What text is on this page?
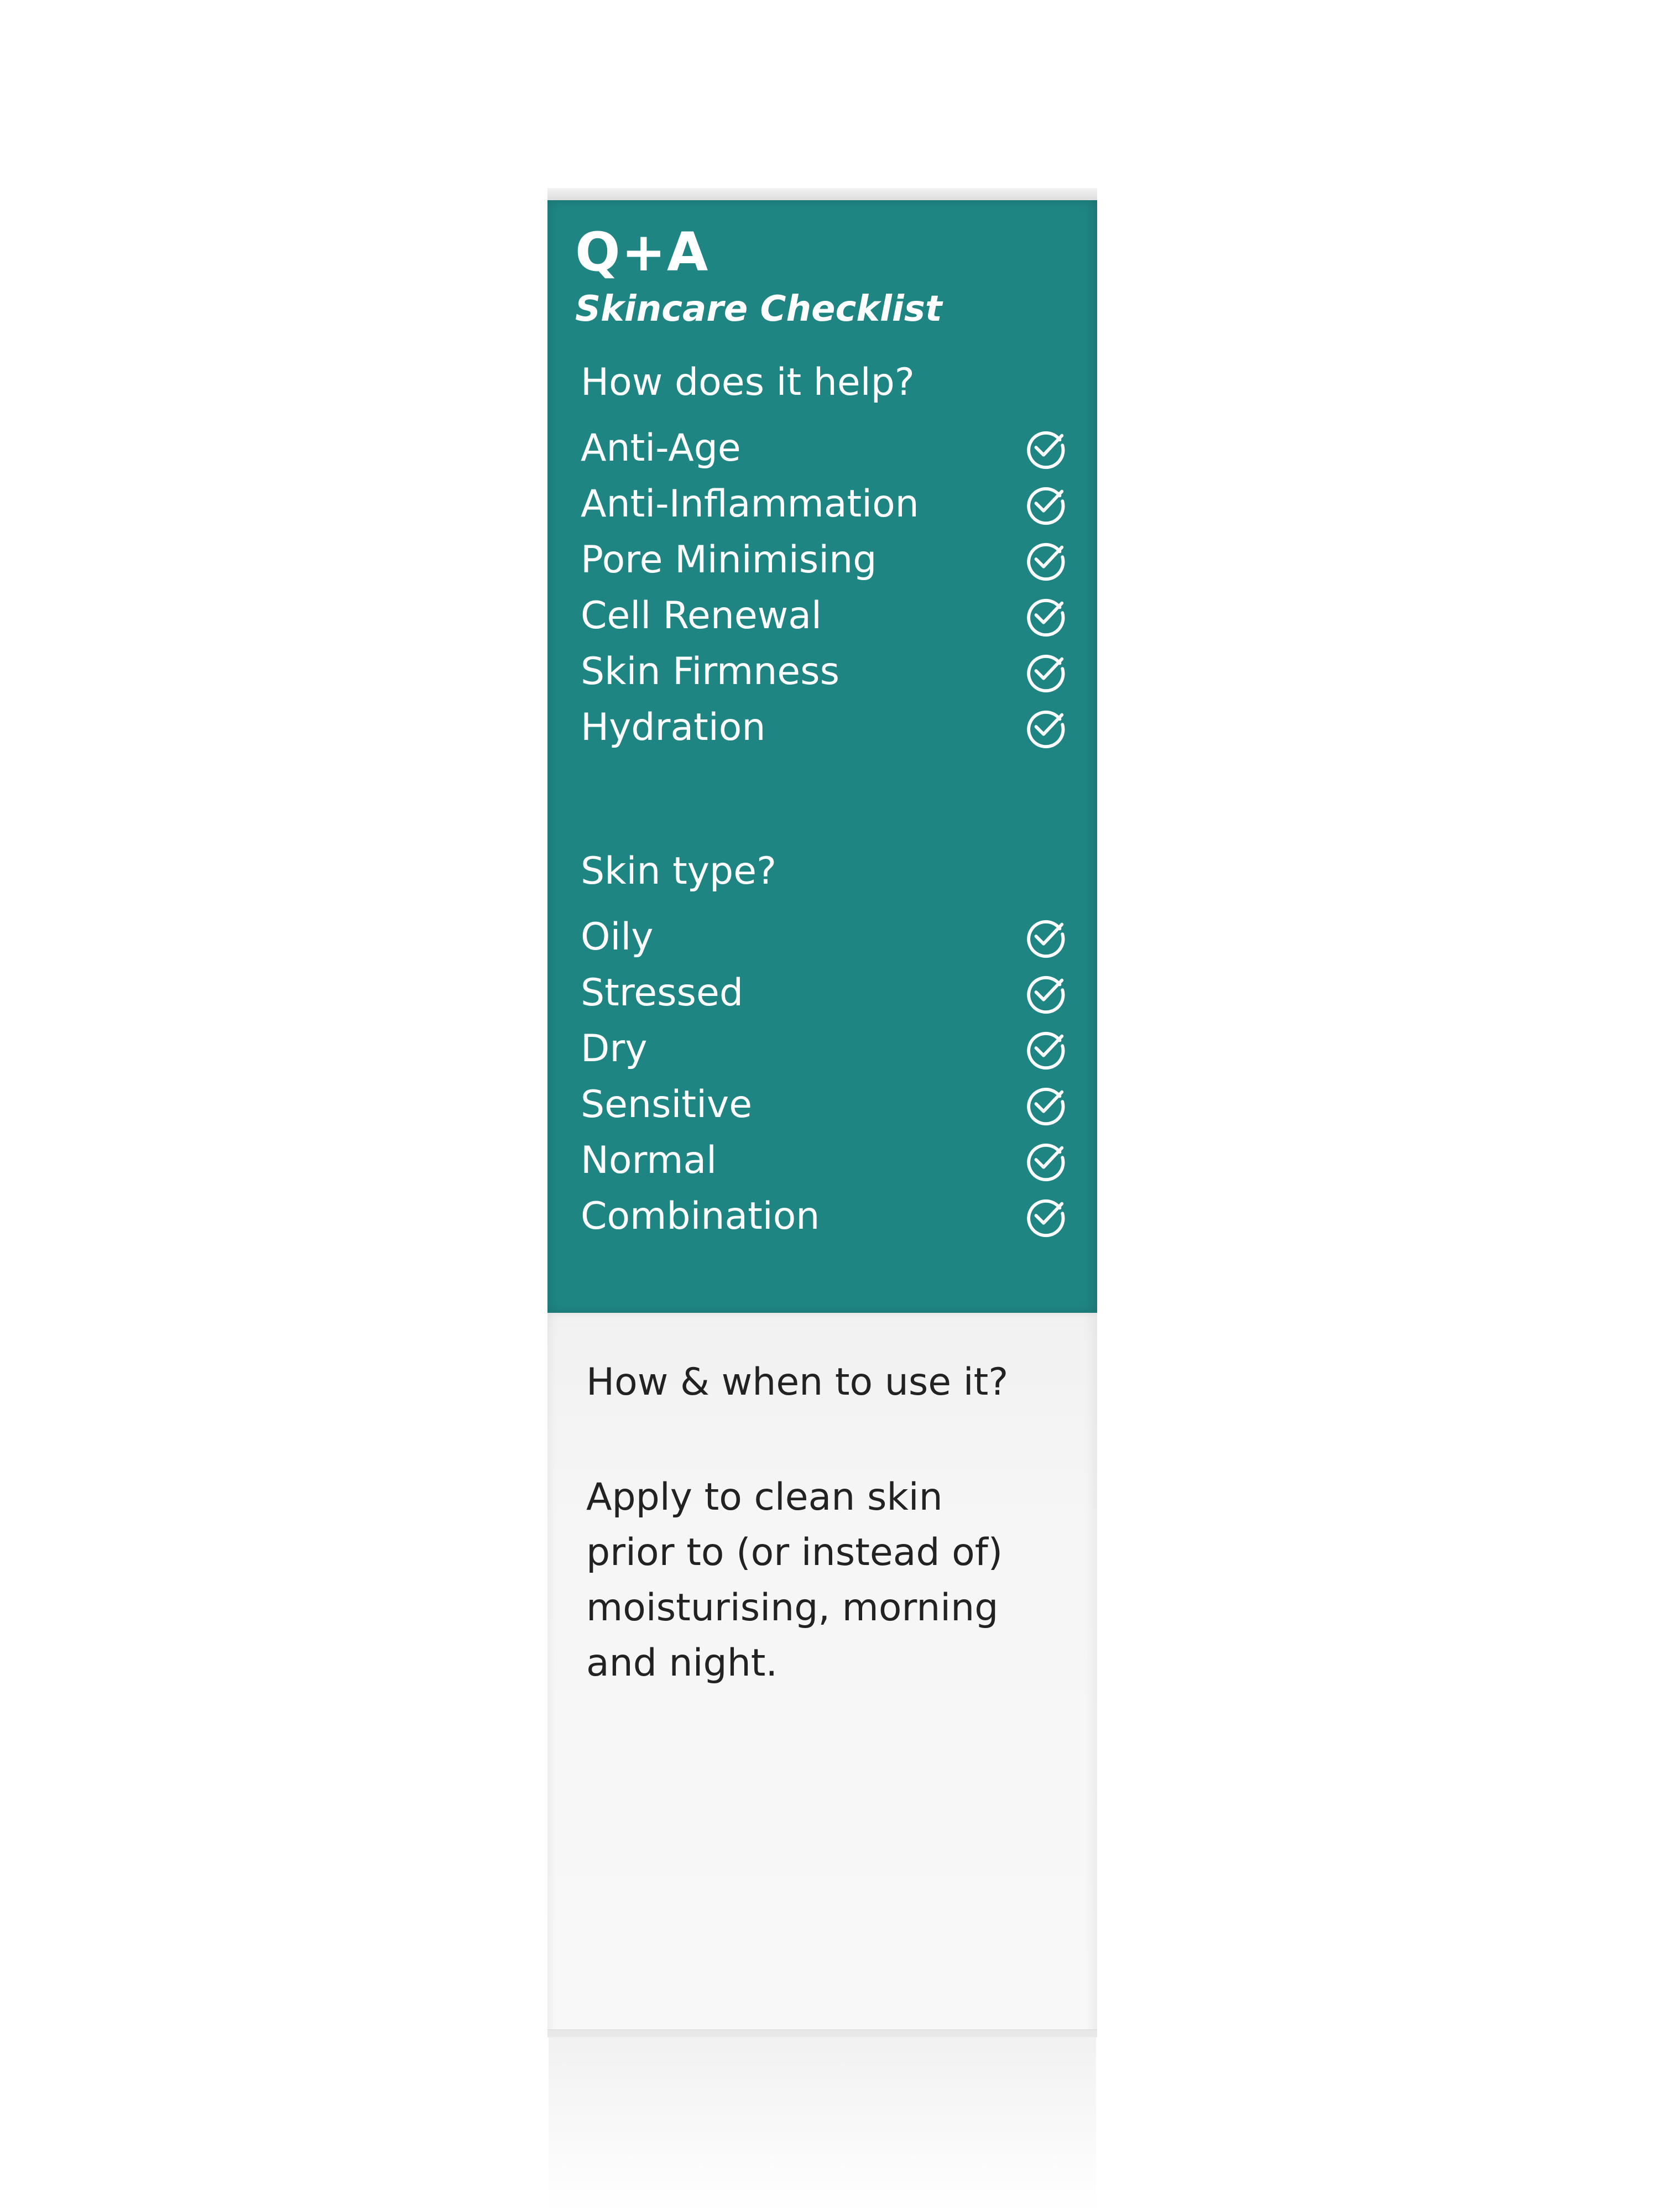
Q+A
Skincare Checklist
How does it help?
Anti-Age
Anti-Inflammation
Pore Minimising
Cell Renewal
Skin Firmness
Hydration
Skin type?
Oily
Stressed
Dry
Sensitive
Normal
Combination
How & when to use it?
Apply to clean skin
prior to (or instead of)
moisturising, morning
and night.
